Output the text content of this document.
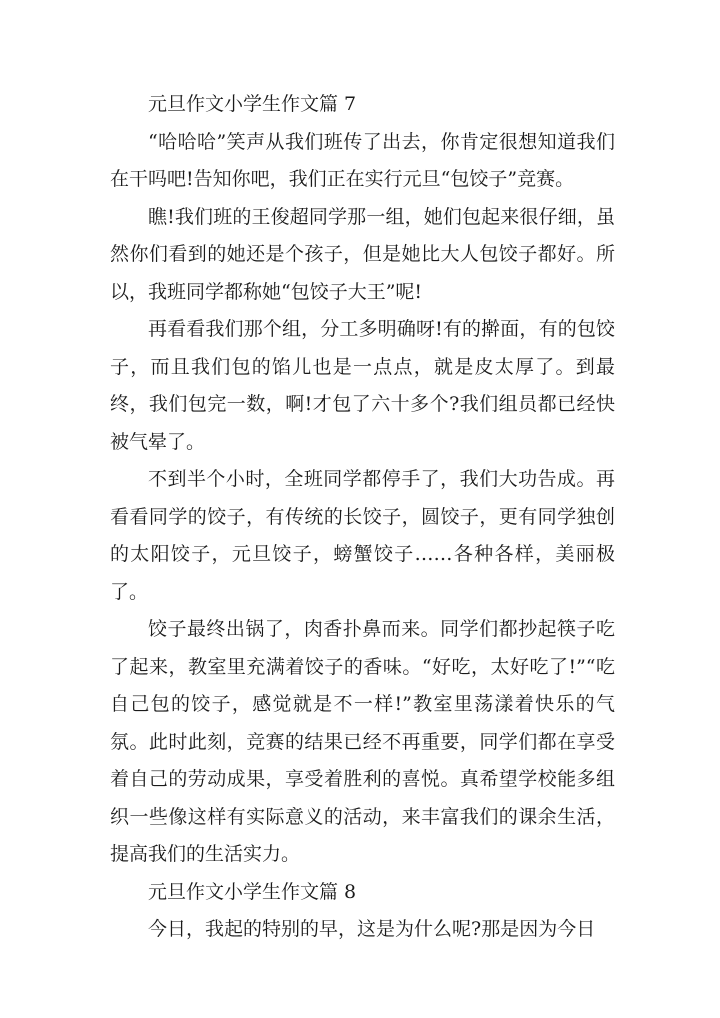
元旦作文小学生作文篇 7

“哈哈哈”笑声从我们班传了出去，你肯定很想知道我们在干吗吧!告知你吧，我们正在实行元旦“包饺子”竞赛。

瞧!我们班的王俊超同学那一组，她们包起来很仔细，虽然你们看到的她还是个孩子，但是她比大人包饺子都好。所以，我班同学都称她“包饺子大王”呢!

再看看我们那个组，分工多明确呀!有的擀面，有的包饺子，而且我们包的馅儿也是一点点，就是皮太厚了。到最终，我们包完一数，啊!才包了六十多个?我们组员都已经快被气晕了。

不到半个小时，全班同学都停手了，我们大功告成。再看看同学的饺子，有传统的长饺子，圆饺子，更有同学独创的太阳饺子，元旦饺子，螃蟹饺子……各种各样，美丽极了。

饺子最终出锅了，肉香扑鼻而来。同学们都抄起筷子吃了起来，教室里充满着饺子的香味。“好吃，太好吃了!”“吃自己包的饺子，感觉就是不一样!”教室里荡漾着快乐的气氛。此时此刻，竞赛的结果已经不再重要，同学们都在享受着自己的劳动成果，享受着胜利的喜悦。真希望学校能多组织一些像这样有实际意义的活动，来丰富我们的课余生活，提高我们的生活实力。

元旦作文小学生作文篇 8

今日，我起的特别的早，这是为什么呢?那是因为今日
